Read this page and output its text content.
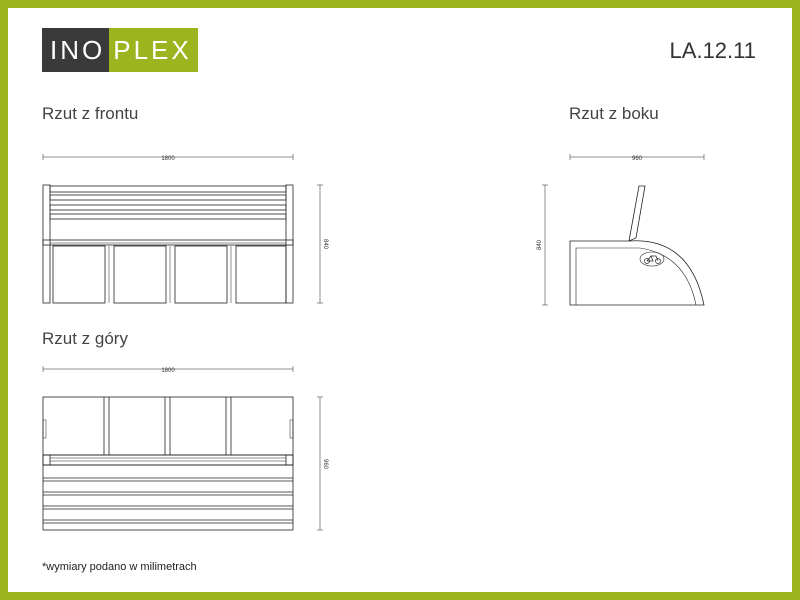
INO PLEX	LA.12.11
Rzut z frontu	Rzut z boku
Rzut z góry
1800
840
960
840
1800
960
*wymiary podano w milimetrach
